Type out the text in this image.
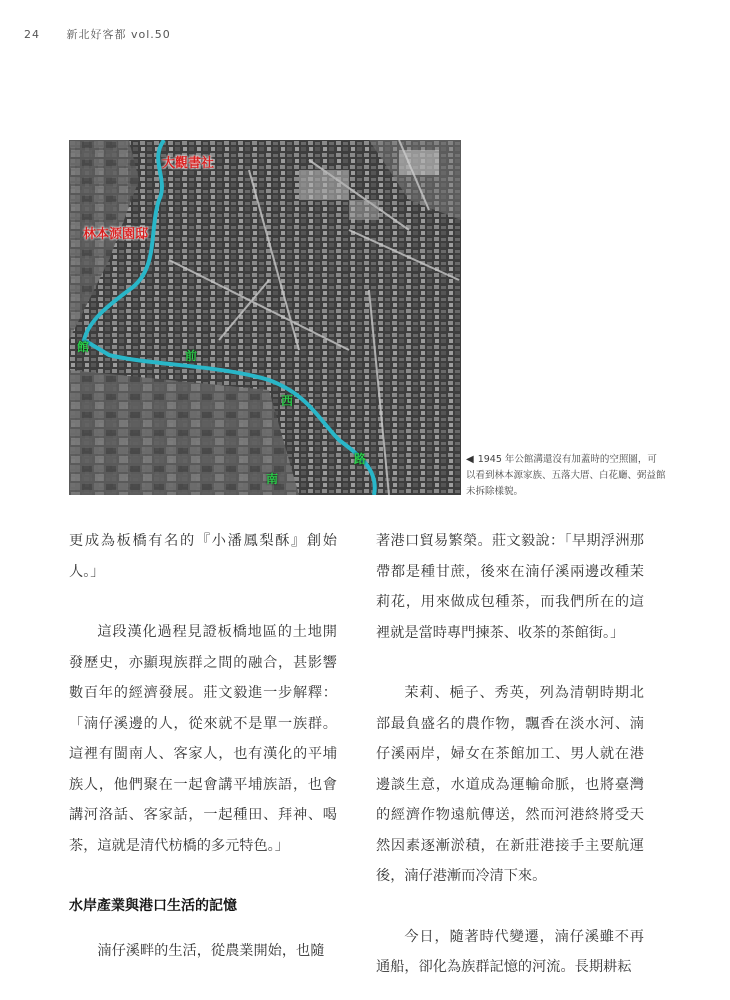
24 新北好客都 vol.50
大觀書社
林本源園邸
館
前
西
路
南
◀ 1945 年公館溝還沒有加蓋時的空照圖，可以看到林本源家族、五落大厝、白花廳、弼益館未拆除樣貌。

更成為板橋有名的『小潘鳳梨酥』創始人。」

這段漢化過程見證板橋地區的土地開發歷史，亦顯現族群之間的融合，甚影響數百年的經濟發展。莊文毅進一步解釋：「湳仔溪邊的人，從來就不是單一族群。這裡有閩南人、客家人，也有漢化的平埔族人，他們聚在一起會講平埔族語，也會講河洛話、客家話，一起種田、拜神、喝茶，這就是清代枋橋的多元特色。」

水岸產業與港口生活的記憶

湳仔溪畔的生活，從農業開始，也隨

著港口貿易繁榮。莊文毅說：「早期浮洲那帶都是種甘蔗，後來在湳仔溪兩邊改種茉莉花，用來做成包種茶，而我們所在的這裡就是當時專門揀茶、收茶的茶館街。」

茉莉、梔子、秀英，列為清朝時期北部最負盛名的農作物，飄香在淡水河、湳仔溪兩岸，婦女在茶館加工、男人就在港邊談生意，水道成為運輸命脈，也將臺灣的經濟作物遠航傳送，然而河港終將受天然因素逐漸淤積，在新莊港接手主要航運後，湳仔港漸而冷清下來。

今日，隨著時代變遷，湳仔溪雖不再通船，卻化為族群記憶的河流。長期耕耘
